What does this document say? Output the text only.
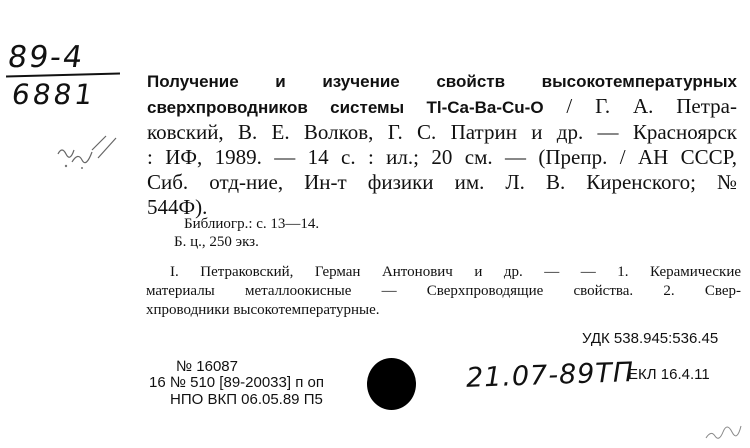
89-4
6881	Получение и изучение свойств высокотемпературных
сверхпроводников системы Tl-Ca-Ba-Cu-O / Г. А. Петра-
ковский, В. Е. Волков, Г. С. Патрин и др. — Красноярск
: ИФ, 1989. — 14 с. : ил.; 20 см. — (Препр. / АН СССР,
Сиб. отд-ние, Ин-т физики им. Л. В. Киренского; №
544Ф).
Библиогр.: с. 13—14.
Б. ц., 250 экз.
I. Петраковский, Герман Антонович и др. — — 1. Керамические
материалы металлоокисные — Сверхпроводящие свойства. 2. Свер-
хпроводники высокотемпературные.
УДК 538.945:536.45
№ 16087
16 № 510 [89-20033] п оп
НПО ВКП 06.05.89 П5
21.07-89ТП
ЕКЛ 16.4.11
